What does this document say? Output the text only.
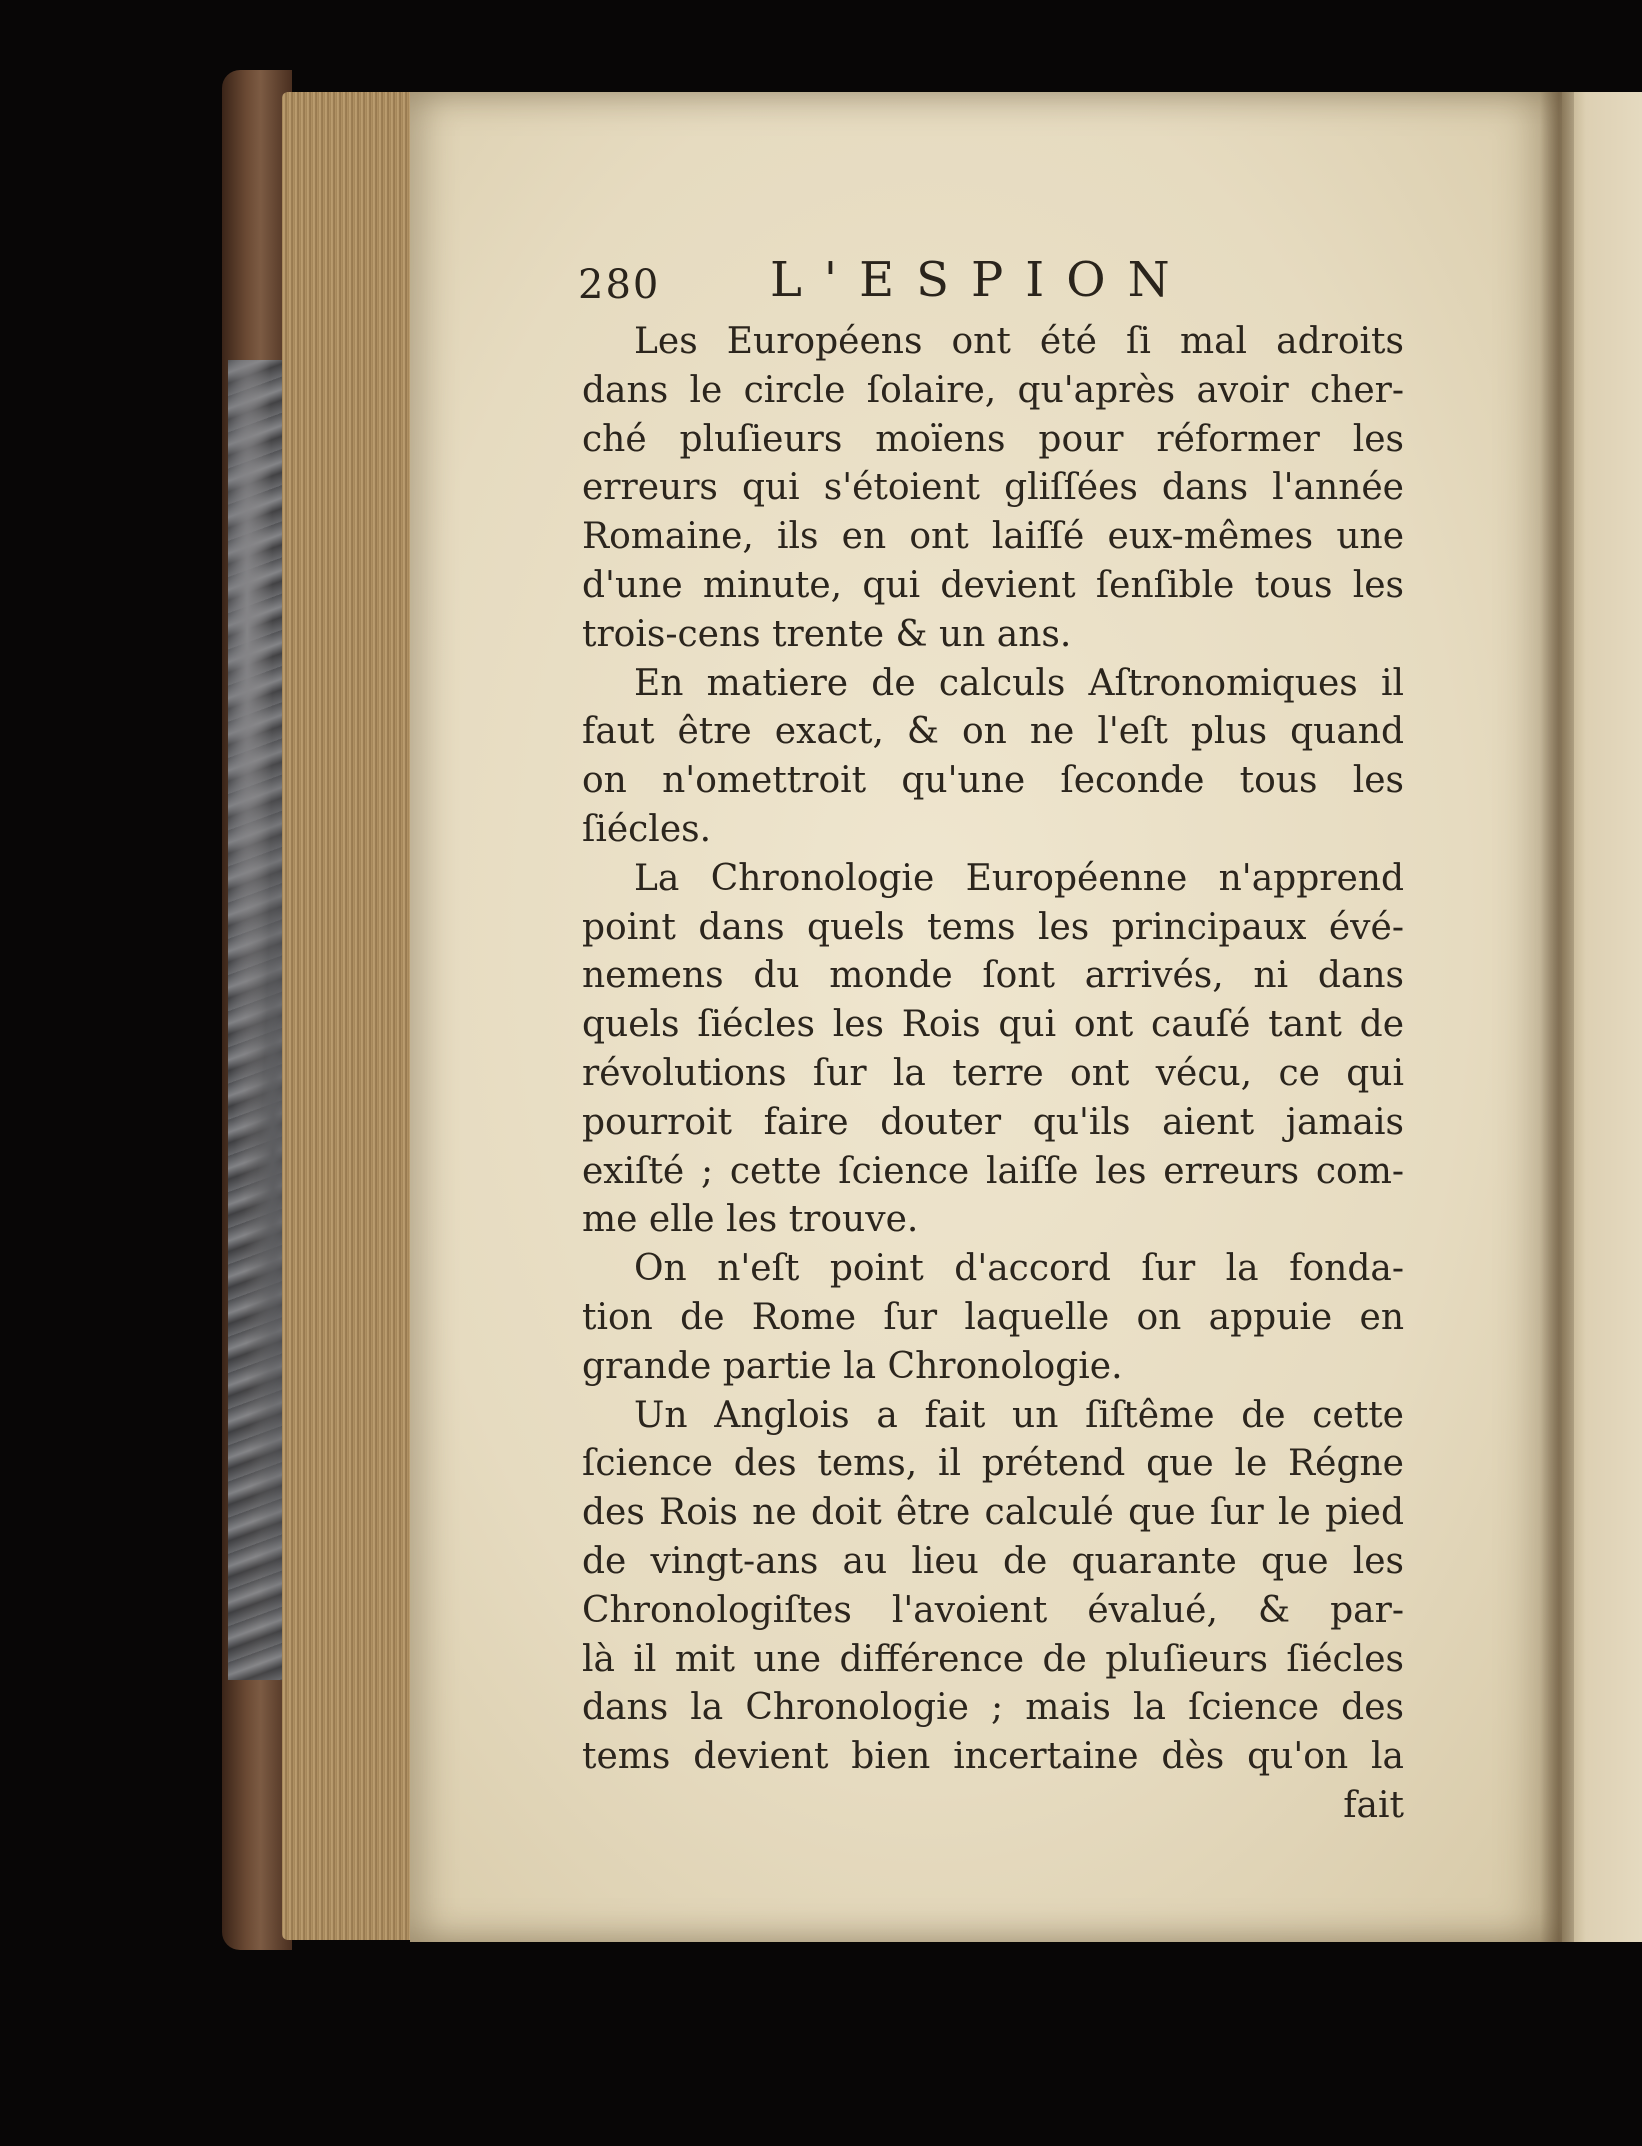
280 L'ESPION
Les Européens ont été ſi mal adroits
dans le circle ſolaire, qu'après avoir cher-
ché pluſieurs moïens pour réformer les
erreurs qui s'étoient gliſſées dans l'année
Romaine, ils en ont laiſſé eux-mêmes une
d'une minute, qui devient ſenſible tous les
trois-cens trente & un ans.
En matiere de calculs Aſtronomiques il
faut être exact, & on ne l'eſt plus quand
on n'omettroit qu'une ſeconde tous les
ſiécles.
La Chronologie Européenne n'apprend
point dans quels tems les principaux évé-
nemens du monde ſont arrivés, ni dans
quels ſiécles les Rois qui ont cauſé tant de
révolutions ſur la terre ont vécu, ce qui
pourroit faire douter qu'ils aient jamais
exiſté ; cette ſcience laiſſe les erreurs com-
me elle les trouve.
On n'eſt point d'accord ſur la fonda-
tion de Rome ſur laquelle on appuie en
grande partie la Chronologie.
Un Anglois a fait un ſiſtême de cette
ſcience des tems, il prétend que le Régne
des Rois ne doit être calculé que ſur le pied
de vingt-ans au lieu de quarante que les
Chronologiſtes l'avoient évalué, & par-
là il mit une différence de pluſieurs ſiécles
dans la Chronologie ; mais la ſcience des
tems devient bien incertaine dès qu'on la
fait
